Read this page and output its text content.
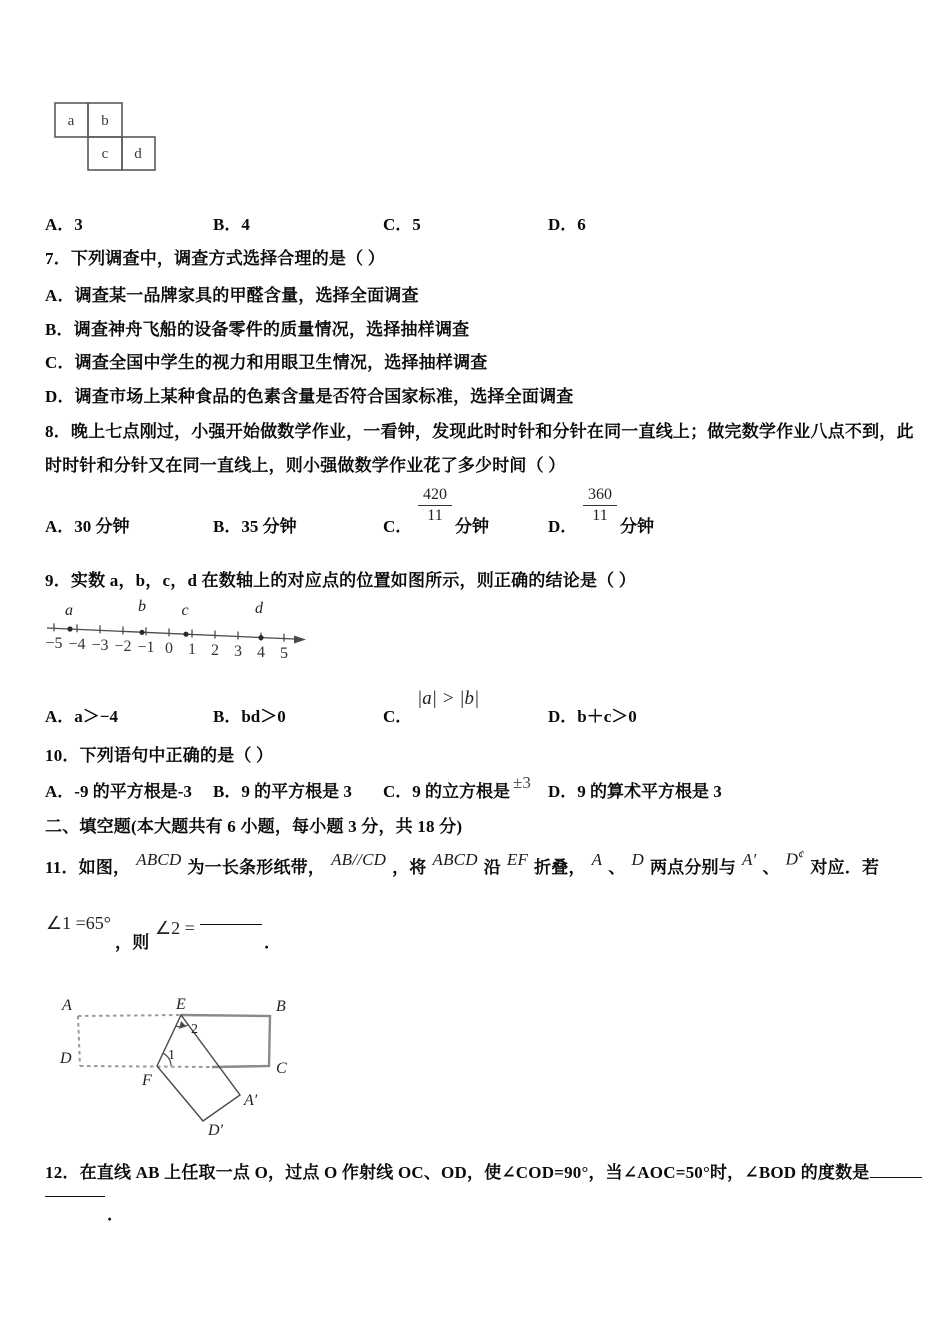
a b
c d
A．3	B．4	C．5	D．6
7．下列调查中，调查方式选择合理的是（ ）
A．调查某一品牌家具的甲醛含量，选择全面调查
B．调查神舟飞船的设备零件的质量情况，选择抽样调查
C．调查全国中学生的视力和用眼卫生情况，选择抽样调查
D．调查市场上某种食品的色素含量是否符合国家标准，选择全面调查
8．晚上七点刚过，小强开始做数学作业，一看钟，发现此时时针和分针在同一直线上；做完数学作业八点不到，此
时时针和分针又在同一直线上，则小强做数学作业花了多少时间（ ）
A．30 分钟	B．35 分钟	C．
$\frac{420}{11}$
分钟	D．
$\frac{360}{11}$
分钟
9．实数 a，b，c，d 在数轴上的对应点的位置如图所示，则正确的结论是（ ）
a	b c	d
−5 −4 −3 −2 −1 0 1 2 3 4 5
A．a＞−4	B．bd＞0	C．
|a| > |b|
D．b＋c＞0
10．下列语句中正确的是（ ）
A．-9 的平方根是-3 B．9 的平方根是 3 C．9 的立方根是 ±3 D．9 的算术平方根是 3
二、填空题(本大题共有 6 小题，每小题 3 分，共 18 分)
11．如图， ABCD 为一长条形纸带， AB//CD ，将 ABCD 沿 EF 折叠， A 、 D 两点分别与 A′ 、 D¢对应．若
∠1 =65°
，则
∠2 =
．
A	E	B
D
F
C
A′
D′
1
2
12．在直线 AB 上任取一点 O，过点 O 作射线 OC、OD，使∠COD=90°，当∠AOC=50°时，∠BOD 的度数是
．
